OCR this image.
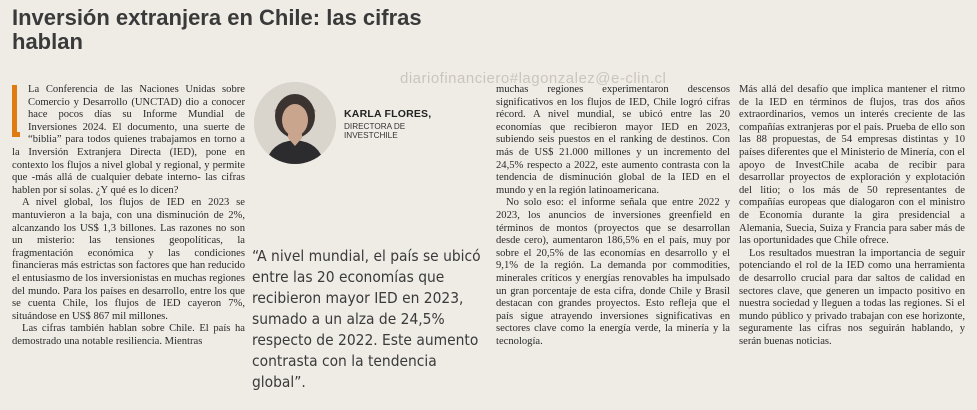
Inversión extranjera en Chile: las cifras hablan
diariofinanciero#lagonzalez@e-clin.cl

La Conferencia de las Naciones Unidas sobre Comercio y Desarrollo (UNCTAD) dio a conocer hace pocos días su Informe Mundial de Inversiones 2024. El documento, una suerte de “biblia” para todos quienes trabajamos en torno a la Inversión Extranjera Directa (IED), pone en contexto los flujos a nivel global y regional, y permite que -más allá de cualquier debate interno- las cifras hablen por sí solas. ¿Y qué es lo dicen?

A nivel global, los flujos de IED en 2023 se mantuvieron a la baja, con una disminución de 2%, alcanzando los US$ 1,3 billones. Las razones no son un misterio: las tensiones geopolíticas, la fragmentación económica y las condiciones financieras más estrictas son factores que han reducido el entusiasmo de los inversionistas en muchas regiones del mundo. Para los países en desarrollo, entre los que se cuenta Chile, los flujos de IED cayeron 7%, situándose en US$ 867 mil millones.

Las cifras también hablan sobre Chile. El país ha demostrado una notable resiliencia. Mientras

KARLA FLORES,
DIRECTORA DE INVESTCHILE
“A nivel mundial, el país se ubicó entre las 20 economías que recibieron mayor IED en 2023, sumado a un alza de 24,5% respecto de 2022. Este aumento contrasta con la tendencia global”.

muchas regiones experimentaron descensos significativos en los flujos de IED, Chile logró cifras récord. A nivel mundial, se ubicó entre las 20 economías que recibieron mayor IED en 2023, subiendo seis puestos en el ranking de destinos. Con más de US$ 21.000 millones y un incremento del 24,5% respecto a 2022, este aumento contrasta con la tendencia de disminución global de la IED en el mundo y en la región latinoamericana.

No solo eso: el informe señala que entre 2022 y 2023, los anuncios de inversiones greenfield en términos de montos (proyectos que se desarrollan desde cero), aumentaron 186,5% en el país, muy por sobre el 20,5% de las economías en desarrollo y el 9,1% de la región. La demanda por commodities, minerales críticos y energías renovables ha impulsado un gran porcentaje de esta cifra, donde Chile y Brasil destacan con grandes proyectos. Esto refleja que el país sigue atrayendo inversiones significativas en sectores clave como la energía verde, la minería y la tecnología.

Más allá del desafío que implica mantener el ritmo de la IED en términos de flujos, tras dos años extraordinarios, vemos un interés creciente de las compañías extranjeras por el país. Prueba de ello son las 88 propuestas, de 54 empresas distintas y 10 países diferentes que el Ministerio de Minería, con el apoyo de InvestChile acaba de recibir para desarrollar proyectos de exploración y explotación del litio; o los más de 50 representantes de compañías europeas que dialogaron con el ministro de Economía durante la gira presidencial a Alemania, Suecia, Suiza y Francia para saber más de las oportunidades que Chile ofrece.

Los resultados muestran la importancia de seguir potenciando el rol de la IED como una herramienta de desarrollo crucial para dar saltos de calidad en sectores clave, que generen un impacto positivo en nuestra sociedad y lleguen a todas las regiones. Si el mundo público y privado trabajan con ese horizonte, seguramente las cifras nos seguirán hablando, y serán buenas noticias.
